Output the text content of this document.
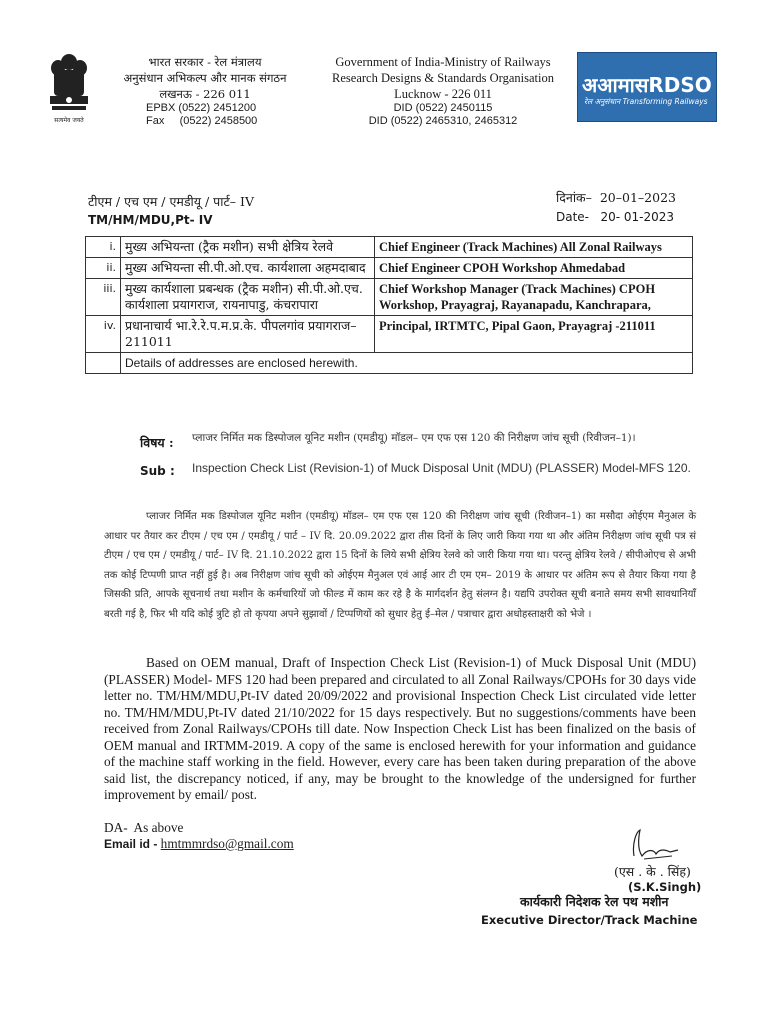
सत्यमेव जयते
भारत सरकार - रेल मंत्रालय
अनुसंधान अभिकल्प और मानक संगठन
लखनऊ - 226 011
EPBX (0522) 2451200
Fax     (0522) 2458500
Government of India-Ministry of Railways
Research Designs & Standards Organisation
Lucknow - 226 011
DID (0522) 2450115
DID (0522) 2465310, 2465312
अआमासRDSO
रेल अनुसंधान Transforming Railways
टीएम / एच एम / एमडीयू / पार्ट– IV
TM/HM/MDU,Pt- IV
दिनांक–  20–01–2023
Date-   20- 01-2023
i.	मुख्य अभियन्ता (ट्रैक मशीन) सभी क्षेत्रिय रेलवे	Chief Engineer (Track Machines) All Zonal Railways
ii.	मुख्य अभियन्ता सी.पी.ओ.एच. कार्यशाला अहमदाबाद	Chief Engineer CPOH Workshop Ahmedabad
iii.	मुख्य कार्यशाला प्रबन्धक (ट्रैक मशीन) सी.पी.ओ.एच. कार्यशाला प्रयागराज, रायनापाडु, कंचरापारा	Chief Workshop Manager (Track Machines) CPOH Workshop, Prayagraj, Rayanapadu, Kanchrapara,
iv.	प्रधानाचार्य भा.रे.रे.प.म.प्र.के. पीपलगांव प्रयागराज–211011	Principal, IRTMTC, Pipal Gaon, Prayagraj -211011
	Details of addresses are enclosed herewith.	
विषय : प्लाजर निर्मित मक डिस्पोजल यूनिट मशीन (एमडीयू) मॉडल– एम एफ एस 120 की निरीक्षण जांच सूची (रिवीजन–1)।
Sub : Inspection Check List (Revision-1) of Muck Disposal Unit (MDU) (PLASSER) Model-MFS 120.
प्लाजर निर्मित मक डिस्पोजल यूनिट मशीन (एमडीयू) मॉडल– एम एफ एस 120 की निरीक्षण जांच सूची (रिवीजन–1) का मसौदा ओईएम मैनुअल के आधार पर तैयार कर टीएम / एच एम / एमडीयू / पार्ट – IV दि. 20.09.2022 द्वारा तीस दिनों के लिए जारी किया गया था और अंतिम निरीक्षण जांच सूची पत्र सं टीएम / एच एम / एमडीयू / पार्ट– IV दि. 21.10.2022 द्वारा 15 दिनों के लिये सभी क्षेत्रिय रेलवे को जारी किया गया था। परन्तु क्षेत्रिय रेलवे / सीपीओएच से अभी तक कोई टिप्पणी प्राप्त नहीं हुई है। अब निरीक्षण जांच सूची को ओईएम मैनुअल एवं आई आर टी एम एम– 2019 के आधार पर अंतिम रूप से तैयार किया गया है जिसकी प्रति, आपके सूचनार्थ तथा मशीन के कर्मचारियों जो फील्ड में काम कर रहे है के मार्गदर्शन हेतु संलग्न है। यद्यपि उपरोक्त सूची बनाते समय सभी सावधानियाँ बरती गई है, फिर भी यदि कोई त्रुटि हो तो कृपया अपने सुझावों / टिप्पणियों को सुधार हेतु ई–मेल / पत्राचार द्वारा अधोहस्ताक्षरी को भेजे ।
Based on OEM manual, Draft of Inspection Check List (Revision-1) of Muck Disposal Unit (MDU) (PLASSER) Model- MFS 120 had been prepared and circulated to all Zonal Railways/CPOHs for 30 days vide letter no. TM/HM/MDU,Pt-IV dated 20/09/2022 and provisional Inspection Check List circulated vide letter no. TM/HM/MDU,Pt-IV dated 21/10/2022 for 15 days respectively. But no suggestions/comments have been received from Zonal Railways/CPOHs till date. Now Inspection Check List has been finalized on the basis of OEM manual and IRTMM-2019. A copy of the same is enclosed herewith for your information and guidance of the machine staff working in the field. However, every care has been taken during preparation of the above said list, the discrepancy noticed, if any, may be brought to the knowledge of the undersigned for further improvement by email/ post.
DA-  As above
Email id - hmtmmrdso@gmail.com
(एस . के . सिंह)
(S.K.Singh)
कार्यकारी निदेशक रेल पथ मशीन
Executive Director/Track Machine
